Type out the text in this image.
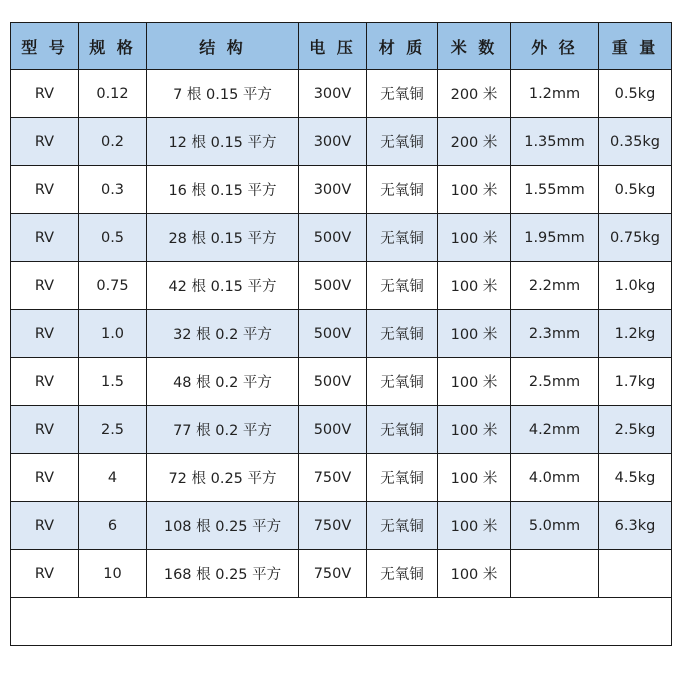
型 号	规 格	结 构	电 压	材 质	米 数	外 径	重 量
RV	0.12	7 根 0.15 平方	300V	无氧铜	200 米	1.2mm	0.5kg
RV	0.2	12 根 0.15 平方	300V	无氧铜	200 米	1.35mm	0.35kg
RV	0.3	16 根 0.15 平方	300V	无氧铜	100 米	1.55mm	0.5kg
RV	0.5	28 根 0.15 平方	500V	无氧铜	100 米	1.95mm	0.75kg
RV	0.75	42 根 0.15 平方	500V	无氧铜	100 米	2.2mm	1.0kg
RV	1.0	32 根 0.2 平方	500V	无氧铜	100 米	2.3mm	1.2kg
RV	1.5	48 根 0.2 平方	500V	无氧铜	100 米	2.5mm	1.7kg
RV	2.5	77 根 0.2 平方	500V	无氧铜	100 米	4.2mm	2.5kg
RV	4	72 根 0.25 平方	750V	无氧铜	100 米	4.0mm	4.5kg
RV	6	108 根 0.25 平方	750V	无氧铜	100 米	5.0mm	6.3kg
RV	10	168 根 0.25 平方	750V	无氧铜	100 米		
